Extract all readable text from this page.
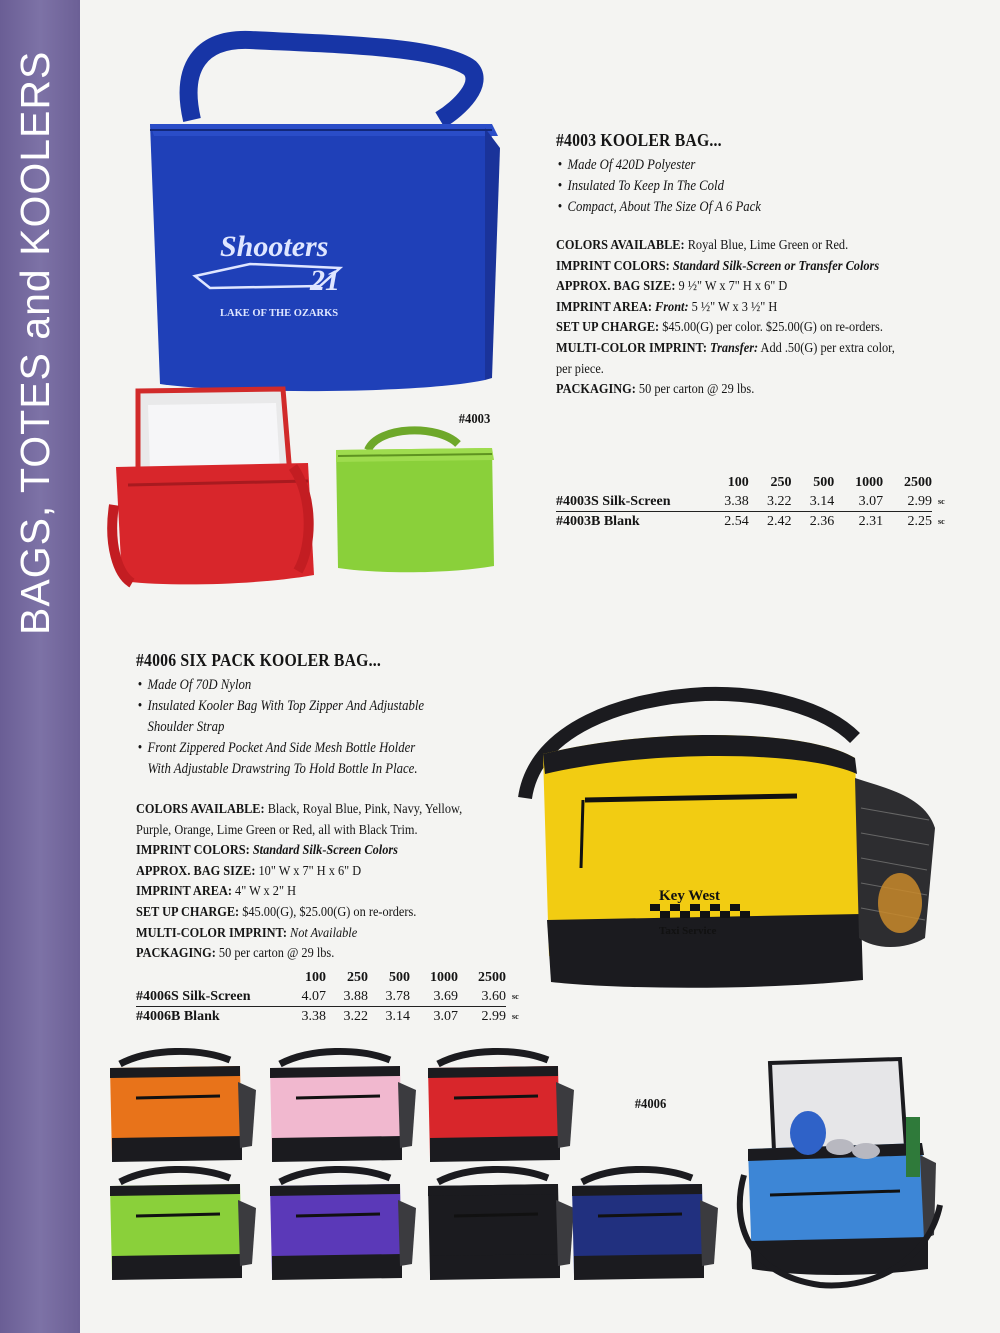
BAGS, TOTES and KOOLERS	Shooters
21
LAKE OF THE OZARKS
#4003
#4003 KOOLER BAG...
• Made Of 420D Polyester
• Insulated To Keep In The Cold
• Compact, About The Size Of A 6 Pack

COLORS AVAILABLE: Royal Blue, Lime Green or Red.

IMPRINT COLORS: Standard Silk-Screen or Transfer Colors

APPROX. BAG SIZE: 9 ½" W x 7" H x 6" D

IMPRINT AREA: Front: 5 ½" W x 3 ½" H

SET UP CHARGE: $45.00(G) per color. $25.00(G) on re-orders.

MULTI-COLOR IMPRINT: Transfer: Add .50(G) per extra color,

per piece.

PACKAGING: 50 per carton @ 29 lbs.

	100	250	500	1000	2500	
#4003S Silk-Screen	3.38	3.22	3.14	3.07	2.99	sc
#4003B Blank	2.54	2.42	2.36	2.31	2.25	sc
#4006 SIX PACK KOOLER BAG...
• Made Of 70D Nylon
• Insulated Kooler Bag With Top Zipper And Adjustable Shoulder Strap
• Front Zippered Pocket And Side Mesh Bottle Holder With Adjustable Drawstring To Hold Bottle In Place.

COLORS AVAILABLE: Black, Royal Blue, Pink, Navy, Yellow,

Purple, Orange, Lime Green or Red, all with Black Trim.

IMPRINT COLORS: Standard Silk-Screen Colors

APPROX. BAG SIZE: 10" W x 7" H x 6" D

IMPRINT AREA: 4" W x 2" H

SET UP CHARGE: $45.00(G), $25.00(G) on re-orders.

MULTI-COLOR IMPRINT: Not Available

PACKAGING: 50 per carton @ 29 lbs.

	100	250	500	1000	2500	
#4006S Silk-Screen	4.07	3.88	3.78	3.69	3.60	sc
#4006B Blank	3.38	3.22	3.14	3.07	2.99	sc
Key West
Taxi Service
#4006
